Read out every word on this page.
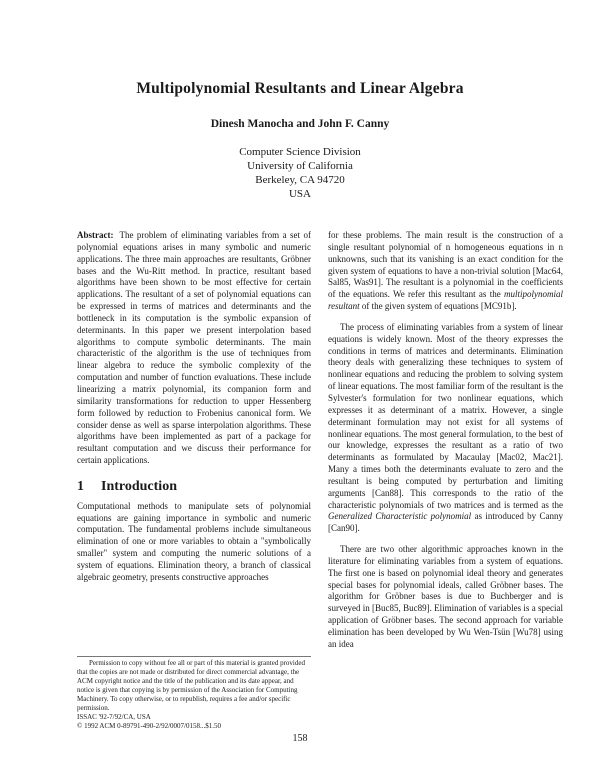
Multipolynomial Resultants and Linear Algebra
Dinesh Manocha and John F. Canny
Computer Science Division
University of California
Berkeley, CA 94720
USA

Abstract: The problem of eliminating variables from a set of polynomial equations arises in many symbolic and numeric applications. The three main approaches are resultants, Gröbner bases and the Wu-Ritt method. In practice, resultant based algorithms have been shown to be most effective for certain applications. The resultant of a set of polynomial equations can be expressed in terms of matrices and determinants and the bottleneck in its computation is the symbolic expansion of determinants. In this paper we present interpolation based algorithms to compute symbolic determinants. The main characteristic of the algorithm is the use of techniques from linear algebra to reduce the symbolic complexity of the computation and number of function evaluations. These include linearizing a matrix polynomial, its companion form and similarity transformations for reduction to upper Hessenberg form followed by reduction to Frobenius canonical form. We consider dense as well as sparse interpolation algorithms. These algorithms have been implemented as part of a package for resultant computation and we discuss their performance for certain applications.

1 Introduction

Computational methods to manipulate sets of polynomial equations are gaining importance in symbolic and numeric computation. The fundamental problems include simultaneous elimination of one or more variables to obtain a "symbolically smaller" system and computing the numeric solutions of a system of equations. Elimination theory, a branch of classical algebraic geometry, presents constructive approaches

for these problems. The main result is the construction of a single resultant polynomial of n homogeneous equations in n unknowns, such that its vanishing is an exact condition for the given system of equations to have a non-trivial solution [Mac64, Sal85, Was91]. The resultant is a polynomial in the coefficients of the equations. We refer this resultant as the multipolynomial resultant of the given system of equations [MC91b].

The process of eliminating variables from a system of linear equations is widely known. Most of the theory expresses the conditions in terms of matrices and determinants. Elimination theory deals with generalizing these techniques to system of nonlinear equations and reducing the problem to solving system of linear equations. The most familiar form of the resultant is the Sylvester's formulation for two nonlinear equations, which expresses it as determinant of a matrix. However, a single determinant formulation may not exist for all systems of nonlinear equations. The most general formulation, to the best of our knowledge, expresses the resultant as a ratio of two determinants as formulated by Macaulay [Mac02, Mac21]. Many a times both the determinants evaluate to zero and the resultant is being computed by perturbation and limiting arguments [Can88]. This corresponds to the ratio of the characteristic polynomials of two matrices and is termed as the Generalized Characteristic polynomial as introduced by Canny [Can90].

There are two other algorithmic approaches known in the literature for eliminating variables from a system of equations. The first one is based on polynomial ideal theory and generates special bases for polynomial ideals, called Gröbner bases. The algorithm for Gröbner bases is due to Buchberger and is surveyed in [Buc85, Buc89]. Elimination of variables is a special application of Gröbner bases. The second approach for variable elimination has been developed by Wu Wen-Tsün [Wu78] using an idea

Permission to copy without fee all or part of this material is granted provided that the copies are not made or distributed for direct commercial advantage, the ACM copyright notice and the title of the publication and its date appear, and notice is given that copying is by permission of the Association for Computing Machinery. To copy otherwise, or to republish, requires a fee and/or specific permission.

ISSAC '92-7/92/CA, USA

© 1992 ACM 0-89791-490-2/92/0007/0158...$1.50

158
